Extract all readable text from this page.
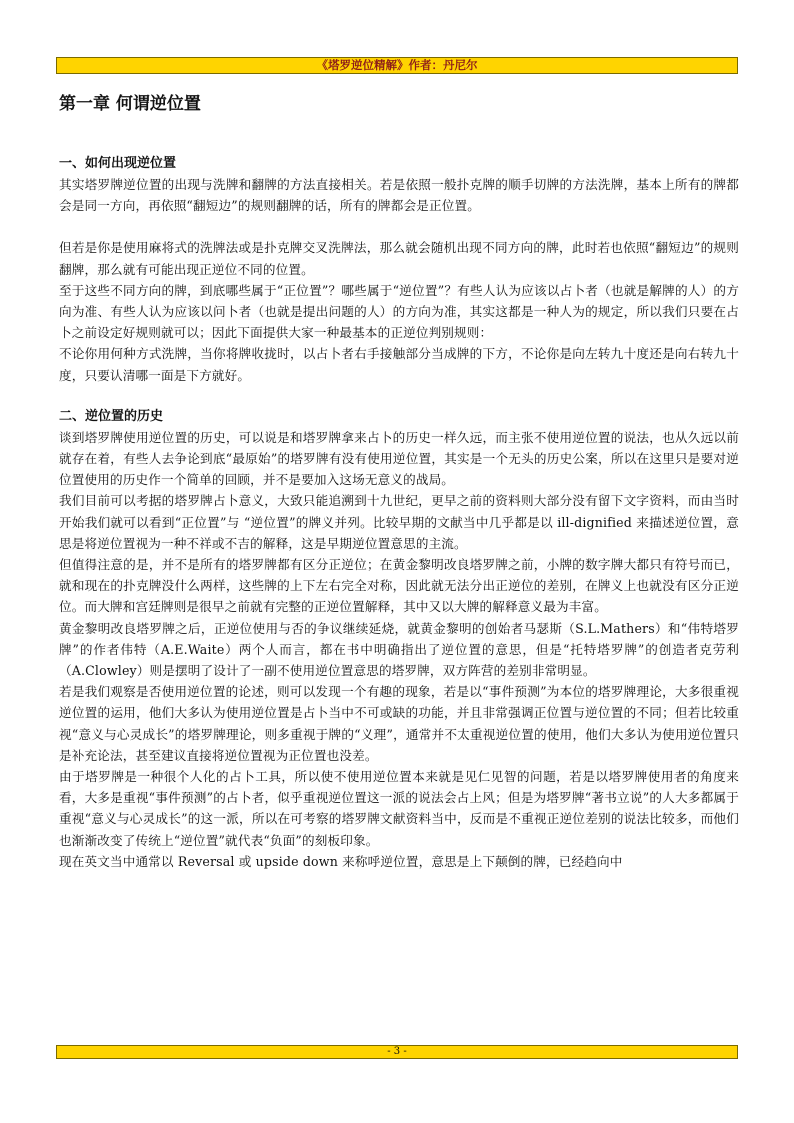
《塔罗逆位精解》作者：丹尼尔
第一章 何谓逆位置
一、如何出现逆位置

其实塔罗牌逆位置的出现与洗牌和翻牌的方法直接相关。若是依照一般扑克牌的顺手切牌的方法洗牌，基本上所有的牌都会是同一方向，再依照“翻短边”的规则翻牌的话，所有的牌都会是正位置。

但若是你是使用麻将式的洗牌法或是扑克牌交叉洗牌法，那么就会随机出现不同方向的牌，此时若也依照“翻短边”的规则翻牌，那么就有可能出现正逆位不同的位置。

至于这些不同方向的牌，到底哪些属于“正位置”？哪些属于“逆位置”？有些人认为应该以占卜者（也就是解牌的人）的方向为准、有些人认为应该以问卜者（也就是提出问题的人）的方向为准，其实这都是一种人为的规定，所以我们只要在占卜之前设定好规则就可以；因此下面提供大家一种最基本的正逆位判别规则：

不论你用何种方式洗牌，当你将牌收拢时，以占卜者右手接触部分当成牌的下方，不论你是向左转九十度还是向右转九十度，只要认清哪一面是下方就好。

二、逆位置的历史

谈到塔罗牌使用逆位置的历史，可以说是和塔罗牌拿来占卜的历史一样久远，而主张不使用逆位置的说法，也从久远以前就存在着，有些人去争论到底“最原始”的塔罗牌有没有使用逆位置，其实是一个无头的历史公案，所以在这里只是要对逆位置使用的历史作一个简单的回顾，并不是要加入这场无意义的战局。

我们目前可以考据的塔罗牌占卜意义，大致只能追溯到十九世纪，更早之前的资料则大部分没有留下文字资料，而由当时开始我们就可以看到“正位置”与 “逆位置”的牌义并列。比较早期的文献当中几乎都是以 ill-dignified 来描述逆位置，意思是将逆位置视为一种不祥或不吉的解释，这是早期逆位置意思的主流。

但值得注意的是，并不是所有的塔罗牌都有区分正逆位；在黄金黎明改良塔罗牌之前，小牌的数字牌大都只有符号而已，就和现在的扑克牌没什么两样，这些牌的上下左右完全对称，因此就无法分出正逆位的差别，在牌义上也就没有区分正逆位。而大牌和宫廷牌则是很早之前就有完整的正逆位置解释，其中又以大牌的解释意义最为丰富。

黄金黎明改良塔罗牌之后，正逆位使用与否的争议继续延烧，就黄金黎明的创始者马瑟斯（S.L.Mathers）和“伟特塔罗牌”的作者伟特（A.E.Waite）两个人而言，都在书中明确指出了逆位置的意思，但是“托特塔罗牌”的创造者克劳利（A.Clowley）则是摆明了设计了一副不使用逆位置意思的塔罗牌，双方阵营的差别非常明显。

若是我们观察是否使用逆位置的论述，则可以发现一个有趣的现象，若是以“事件预测”为本位的塔罗牌理论，大多很重视逆位置的运用，他们大多认为使用逆位置是占卜当中不可或缺的功能，并且非常强调正位置与逆位置的不同；但若比较重视“意义与心灵成长”的塔罗牌理论，则多重视于牌的“义理”，通常并不太重视逆位置的使用，他们大多认为使用逆位置只是补充论法，甚至建议直接将逆位置视为正位置也没差。

由于塔罗牌是一种很个人化的占卜工具，所以使不使用逆位置本来就是见仁见智的问题，若是以塔罗牌使用者的角度来看，大多是重视“事件预测”的占卜者，似乎重视逆位置这一派的说法会占上风；但是为塔罗牌“著书立说”的人大多都属于重视“意义与心灵成长”的这一派，所以在可考察的塔罗牌文献资料当中，反而是不重视正逆位差别的说法比较多，而他们也渐渐改变了传统上“逆位置”就代表“负面”的刻板印象。

现在英文当中通常以 Reversal 或 upside down 来称呼逆位置，意思是上下颠倒的牌，已经趋向中

- 3 -
